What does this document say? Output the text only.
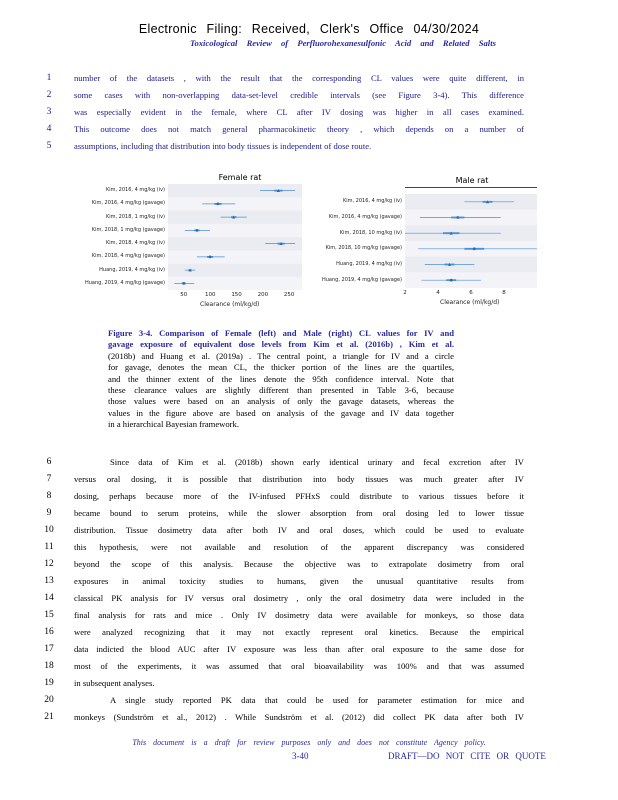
Electronic Filing: Received, Clerk's Office 04/30/2024
Toxicological Review of Perfluorohexanesulfonic Acid and Related Salts
1	number of the datasets , with the result that the corresponding CL values were quite different, in
2	some cases with non-overlapping data-set-level credible intervals (see Figure 3-4). This difference
3	was especially evident in the female, where CL after IV dosing was higher in all cases examined.
4	This outcome does not match general pharmacokinetic theory , which depends on a number of
5	assumptions, including that distribution into body tissues is independent of dose route.
Female rat
Kim, 2016, 4 mg/kg (iv)
Kim, 2016, 4 mg/kg (gavage)
Kim, 2018, 1 mg/kg (iv)
Kim, 2018, 1 mg/kg (gavage)
Kim, 2018, 4 mg/kg (iv)
Kim, 2018, 4 mg/kg (gavage)
Huang, 2019, 4 mg/kg (iv)
Huang, 2019, 4 mg/kg (gavage)
50	100	150	200	250
Clearance (ml/kg/d)
Male rat
Kim, 2016, 4 mg/kg (iv)
Kim, 2016, 4 mg/kg (gavage)
Kim, 2018, 10 mg/kg (iv)
Kim, 2018, 10 mg/kg (gavage)
Huang, 2019, 4 mg/kg (iv)
Huang, 2019, 4 mg/kg (gavage)
2	4	6	8
Clearance (ml/kg/d)
Figure 3-4. Comparison of Female (left) and Male (right) CL values for IV and
gavage exposure of equivalent dose levels from Kim et al. (2016b) , Kim et al.
(2018b) and Huang et al. (2019a) . The central point, a triangle for IV and a circle
for gavage, denotes the mean CL, the thicker portion of the lines are the quartiles,
and the thinner extent of the lines denote the 95th confidence interval. Note that
these clearance values are slightly different than presented in Table 3-6, because
those values were based on an analysis of only the gavage datasets, whereas the
values in the figure above are based on analysis of the gavage and IV data together
in a hierarchical Bayesian framework.
6	Since data of Kim et al. (2018b) shown early identical urinary and fecal excretion after IV
7	versus oral dosing, it is possible that distribution into body tissues was much greater after IV
8	dosing, perhaps because more of the IV-infused PFHxS could distribute to various tissues before it
9	became bound to serum proteins, while the slower absorption from oral dosing led to lower tissue
10 distribution. Tissue dosimetry data after both IV and oral doses, which could be used to evaluate
11 this hypothesis, were not available and resolution of the apparent discrepancy was considered
12 beyond the scope of this analysis. Because the objective was to extrapolate dosimetry from oral
13 exposures in animal toxicity studies to humans, given the unusual quantitative results from
14 classical PK analysis for IV versus oral dosimetry , only the oral dosimetry data were included in the
15 final analysis for rats and mice . Only IV dosimetry data were available for monkeys, so those data
16 were analyzed recognizing that it may not exactly represent oral kinetics. Because the empirical
17 data indicted the blood AUC after IV exposure was less than after oral exposure to the same dose for
18 most of the experiments, it was assumed that oral bioavailability was 100% and that was assumed
19 in subsequent analyses.
20	A single study reported PK data that could be used for parameter estimation for mice and
21 monkeys (Sundström et al., 2012) . While Sundström et al. (2012) did collect PK data after both IV
This document is a draft for review purposes only and does not constitute Agency policy.
3-40	DRAFT—DO NOT CITE OR QUOTE
